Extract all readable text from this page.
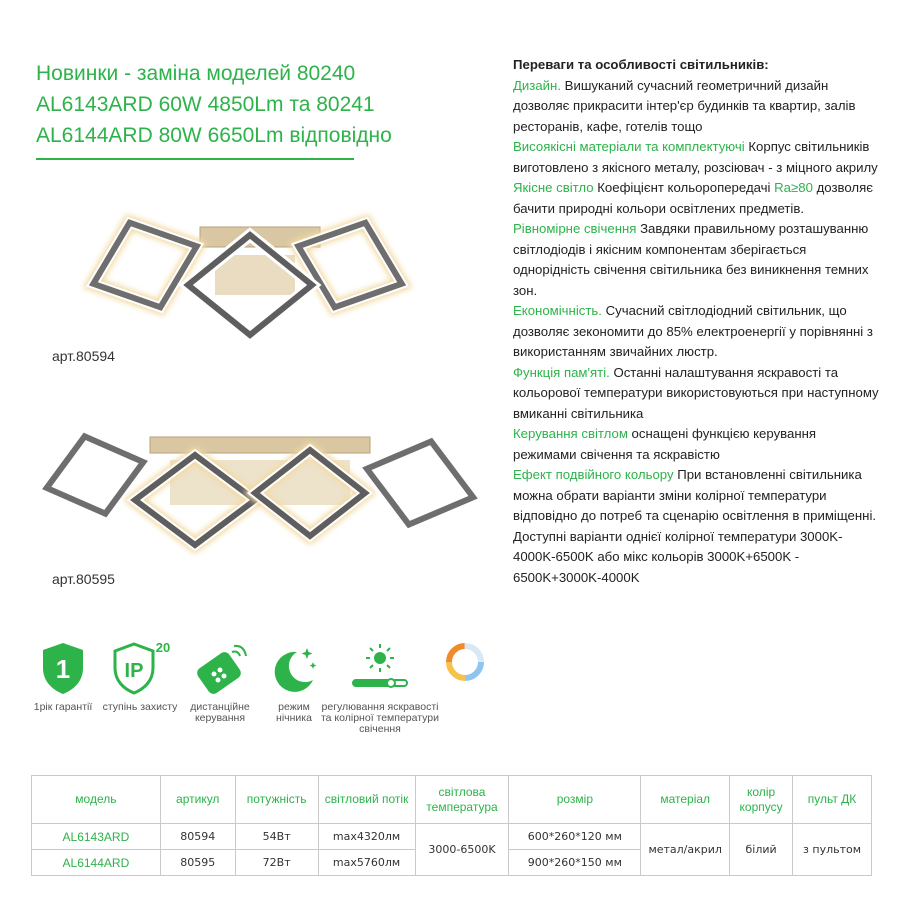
Новинки - заміна моделей 80240
AL6143ARD 60W 4850Lm та 80241
AL6144ARD 80W 6650Lm відповідно
арт.80594
арт.80595
1
1рік гарантії
IP
20
ступінь захисту	дистанційне керування
режим нічника
регулювання яскравості та колірної температури свічення
Переваги та особливості світильників:

Дизайн. Вишуканий сучасний геометричний дизайн дозволяє прикрасити інтер'єр будинків та квартир, залів ресторанів, кафе, готелів тощо

Висоякісні матеріали та комплектуючі Корпус світильників виготовлено з якісного металу, розсіювач - з міцного акрилу

Якісне світло Коефіцієнт кольоропередачі Ra≥80 дозволяє бачити природні кольори освітлених предметів.

Рівномірне свічення Завдяки правильному розташуванню світлодіодів і якісним компонентам зберігається однорідність свічення світильника без виникнення темних зон.

Економічність. Сучасний світлодіодний світильник, що дозволяє зекономити до 85% електроенергії у порівнянні з використанням звичайних люстр.

Функція пам'яті. Останні налаштування яскравості та кольорової температури використовуються при наступному вмиканні світильника

Керування світлом оснащені функцією керування режимами свічення та яскравістю

Ефект подвійного кольору При встановленні світильника можна обрати варіанти зміни колірної температури відповідно до потреб та сценарію освітлення в приміщенні. Доступні варіанти однієї колірної температури 3000K-4000K-6500K або мікс кольорів 3000K+6500K - 6500K+3000K-4000K

модель	артикул	потужність	світловий потік	світлова температура	розмір	матеріал	колір корпусу	пульт ДК
AL6143ARD	80594	54Вт	max4320лм	3000-6500K	600*260*120 мм	метал/акрил	білий	з пультом
AL6144ARD	80595	72Вт	max5760лм		900*260*150 мм			
